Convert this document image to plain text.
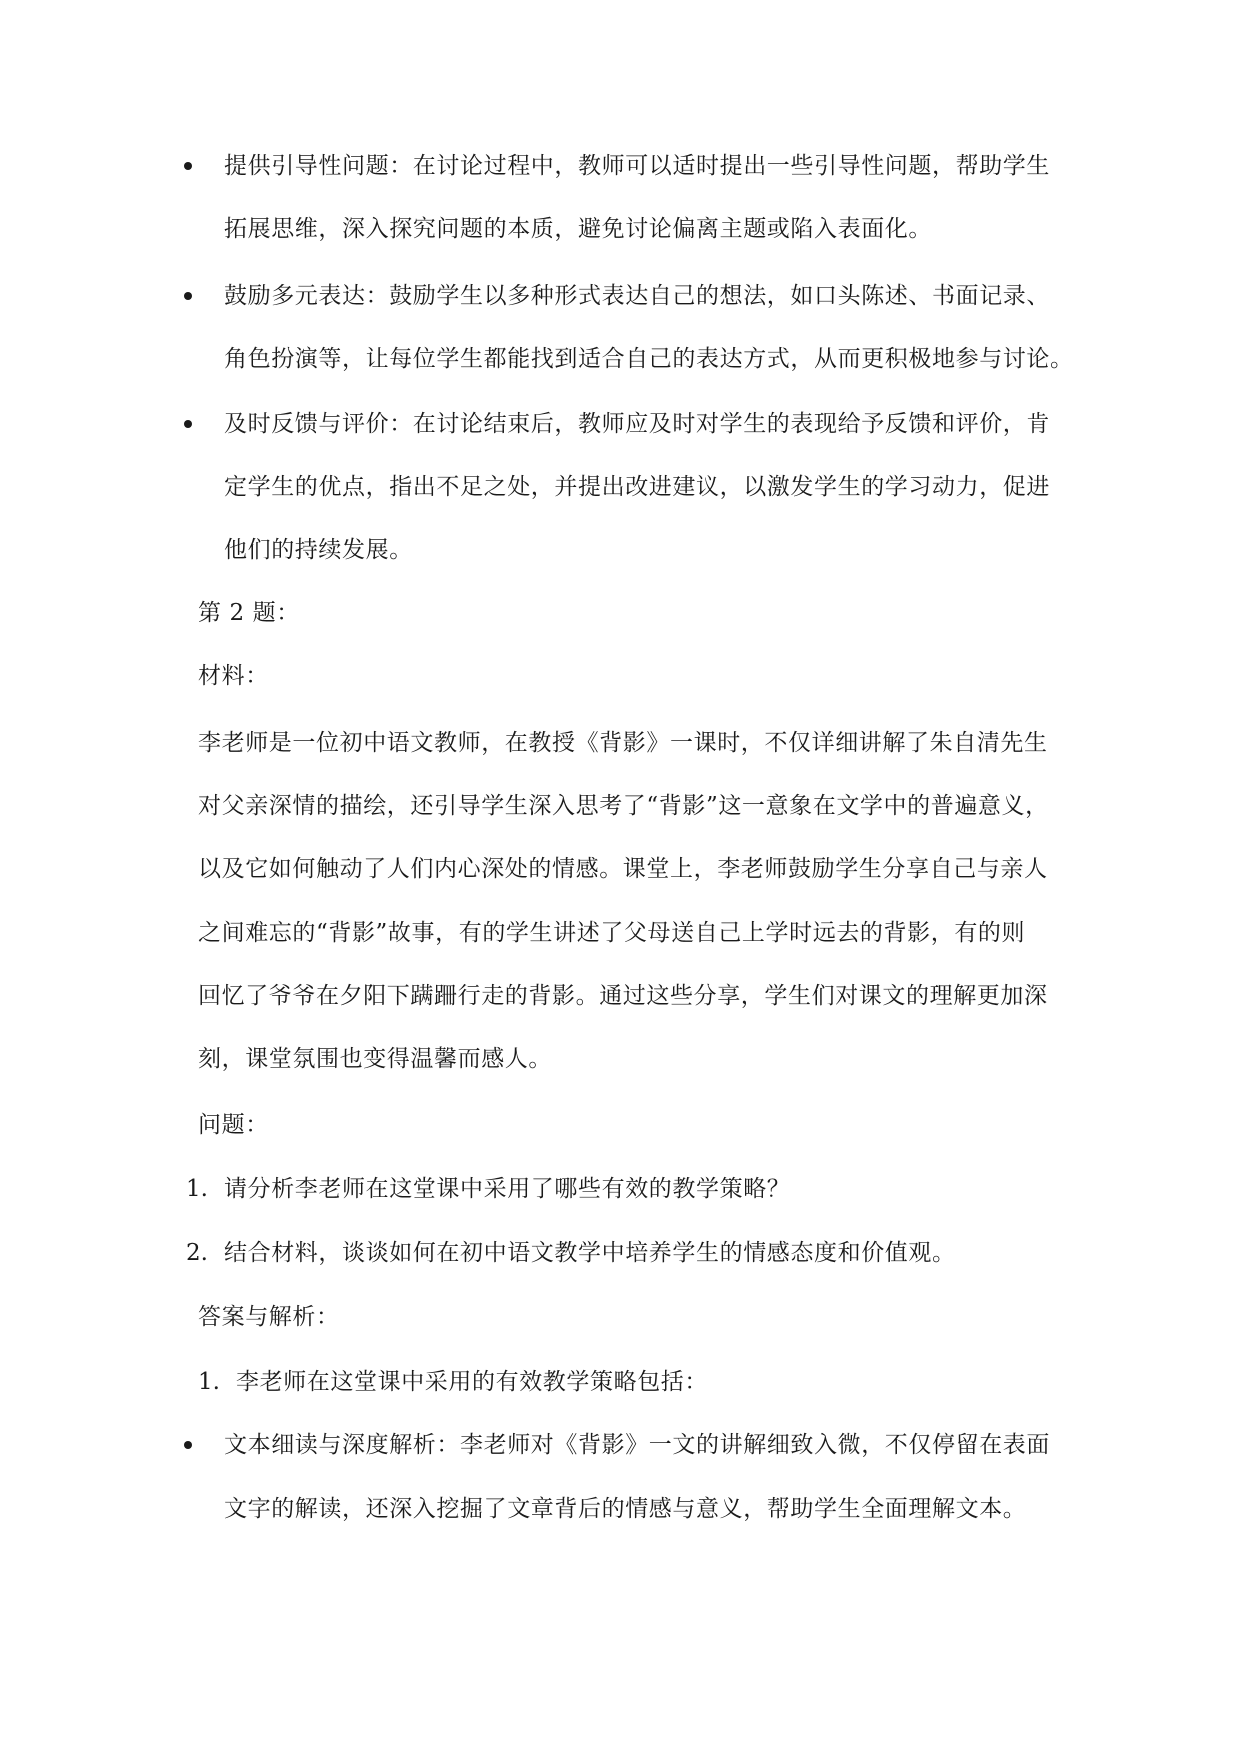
提供引导性问题：在讨论过程中，教师可以适时提出一些引导性问题，帮助学生
拓展思维，深入探究问题的本质，避免讨论偏离主题或陷入表面化。
鼓励多元表达：鼓励学生以多种形式表达自己的想法，如口头陈述、书面记录、
角色扮演等，让每位学生都能找到适合自己的表达方式，从而更积极地参与讨论。
及时反馈与评价：在讨论结束后，教师应及时对学生的表现给予反馈和评价，肯
定学生的优点，指出不足之处，并提出改进建议，以激发学生的学习动力，促进
他们的持续发展。
第 2 题：
材料：
李老师是一位初中语文教师，在教授《背影》一课时，不仅详细讲解了朱自清先生
对父亲深情的描绘，还引导学生深入思考了“背影”这一意象在文学中的普遍意义，
以及它如何触动了人们内心深处的情感。课堂上，李老师鼓励学生分享自己与亲人
之间难忘的“背影”故事，有的学生讲述了父母送自己上学时远去的背影，有的则
回忆了爷爷在夕阳下蹒跚行走的背影。通过这些分享，学生们对课文的理解更加深
刻，课堂氛围也变得温馨而感人。
问题：
1. 请分析李老师在这堂课中采用了哪些有效的教学策略？
2. 结合材料，谈谈如何在初中语文教学中培养学生的情感态度和价值观。
答案与解析：
1. 李老师在这堂课中采用的有效教学策略包括：
文本细读与深度解析：李老师对《背影》一文的讲解细致入微，不仅停留在表面
文字的解读，还深入挖掘了文章背后的情感与意义，帮助学生全面理解文本。
